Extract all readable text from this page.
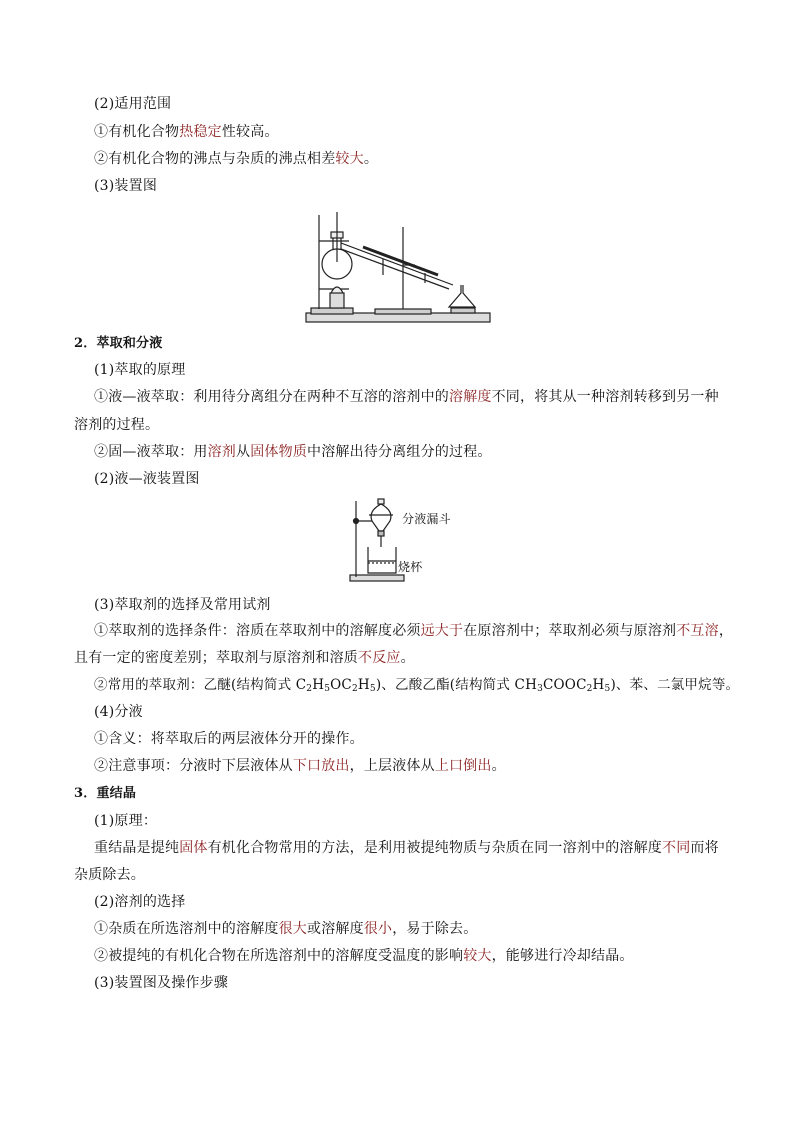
(2)适用范围
①有机化合物热稳定性较高。
②有机化合物的沸点与杂质的沸点相差较大。
(3)装置图
2．萃取和分液
(1)萃取的原理
①液—液萃取：利用待分离组分在两种不互溶的溶剂中的溶解度不同，将其从一种溶剂转移到另一种
溶剂的过程。
②固—液萃取：用溶剂从固体物质中溶解出待分离组分的过程。
(2)液—液装置图
分液漏斗
烧杯
(3)萃取剂的选择及常用试剂
①萃取剂的选择条件：溶质在萃取剂中的溶解度必须远大于在原溶剂中；萃取剂必须与原溶剂不互溶，
且有一定的密度差别；萃取剂与原溶剂和溶质不反应。
②常用的萃取剂：乙醚(结构简式 $C_2H_5OC_2H_5$)、乙酸乙酯(结构简式 $CH_3COOC_2H_5$)、苯、二氯甲烷等。
(4)分液
①含义：将萃取后的两层液体分开的操作。
②注意事项：分液时下层液体从下口放出，上层液体从上口倒出。
3．重结晶
(1)原理：
重结晶是提纯固体有机化合物常用的方法，是利用被提纯物质与杂质在同一溶剂中的溶解度不同而将
杂质除去。
(2)溶剂的选择
①杂质在所选溶剂中的溶解度很大或溶解度很小，易于除去。
②被提纯的有机化合物在所选溶剂中的溶解度受温度的影响较大，能够进行冷却结晶。
(3)装置图及操作步骤
